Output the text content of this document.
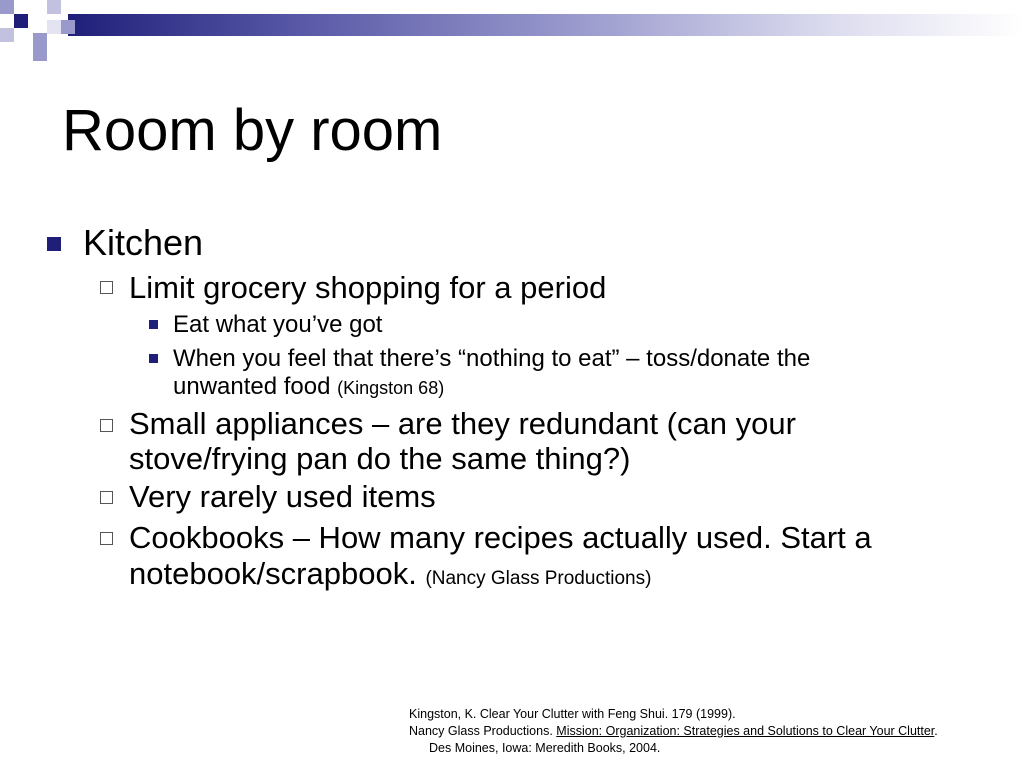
Room by room
Kitchen
Limit grocery shopping for a period
Eat what you’ve got
When you feel that there’s “nothing to eat” – toss/donate the
unwanted food (Kingston 68)
Small appliances – are they redundant (can your
stove/frying pan do the same thing?)
Very rarely used items
Cookbooks – How many recipes actually used. Start a
notebook/scrapbook. (Nancy Glass Productions)
Kingston, K. Clear Your Clutter with Feng Shui. 179 (1999).
Nancy Glass Productions. Mission: Organization: Strategies and Solutions to Clear Your Clutter.
Des Moines, Iowa: Meredith Books, 2004.
